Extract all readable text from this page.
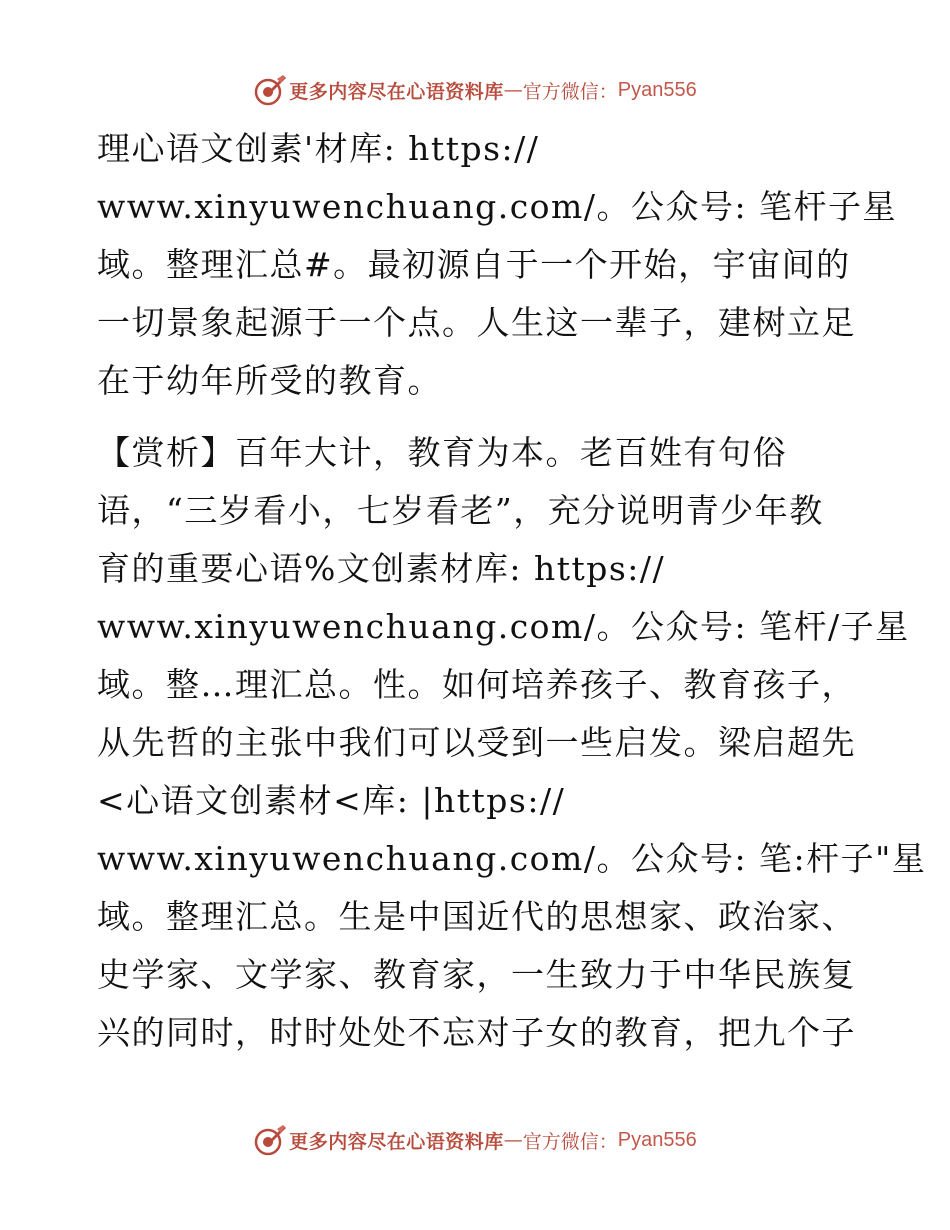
更多内容尽在心语资料库 — 官方微信： Pyan556
理心语文创素'材库: https://
www.xinyuwenchuang.com/。公众号: 笔杆子星
域。整理汇总#。最初源自于一个开始，宇宙间的
一切景象起源于一个点。人生这一辈子，建树立足
在于幼年所受的教育。
【赏析】百年大计，教育为本。老百姓有句俗
语，“三岁看小，七岁看老”，充分说明青少年教
育的重要心语%文创素材库: https://
www.xinyuwenchuang.com/。公众号: 笔杆/子星
域。整…理汇总。性。如何培养孩子、教育孩子，
从先哲的主张中我们可以受到一些启发。梁启超先
<心语文创素材<库: |https://
www.xinyuwenchuang.com/。公众号: 笔:杆子"星
域。整理汇总。生是中国近代的思想家、政治家、
史学家、文学家、教育家，一生致力于中华民族复
兴的同时，时时处处不忘对子女的教育，把九个子
更多内容尽在心语资料库 — 官方微信： Pyan556
